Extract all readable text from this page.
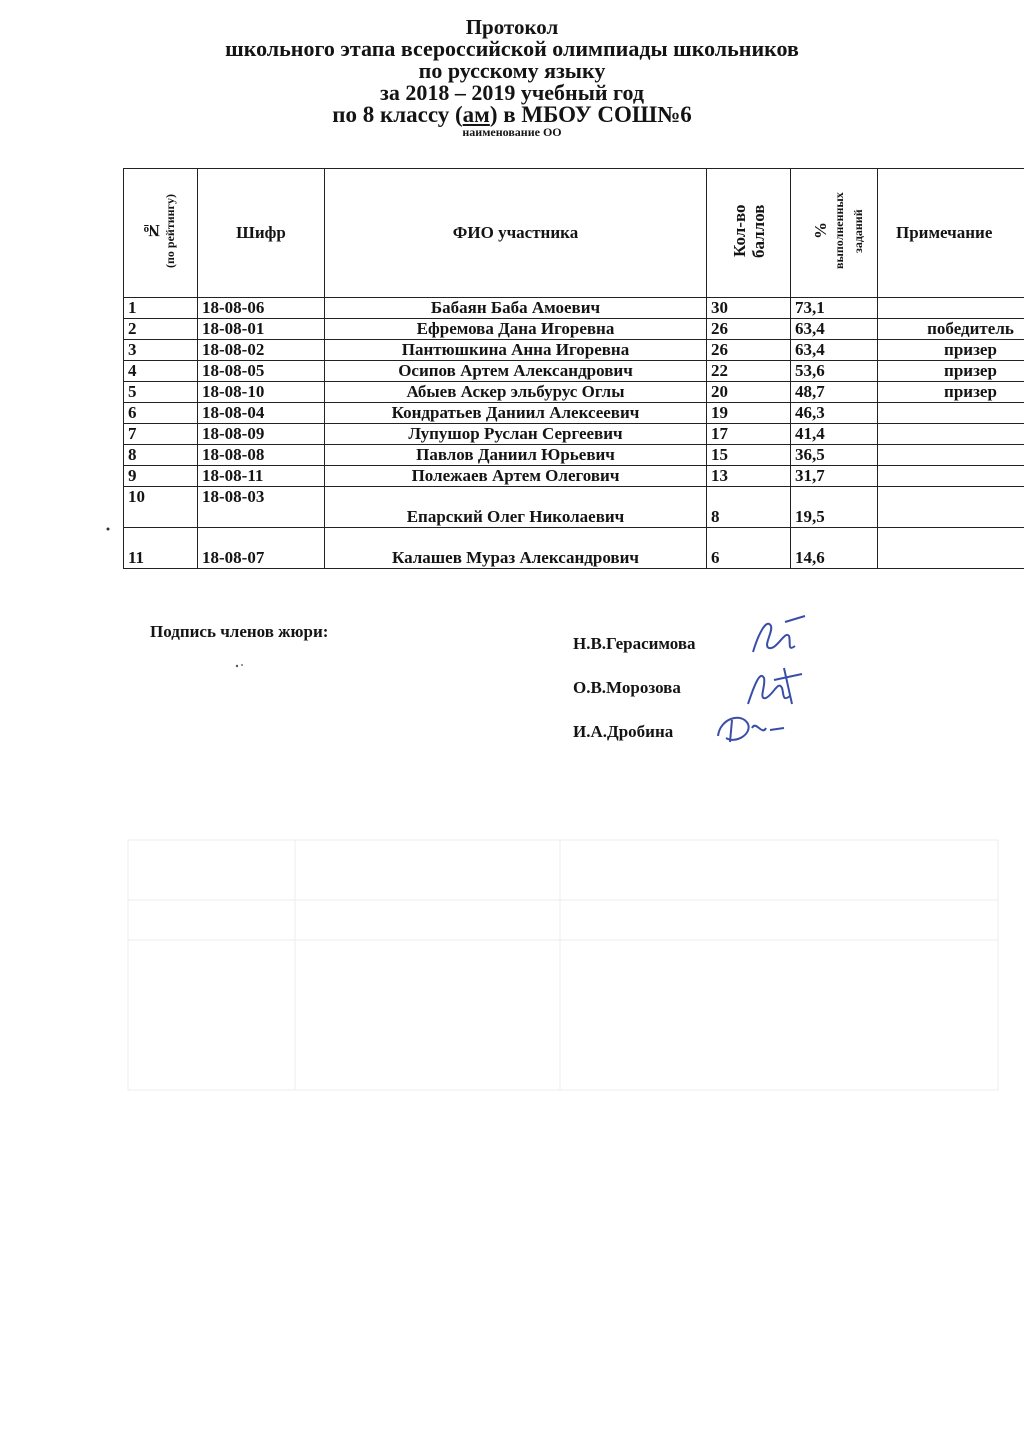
Протокол
школьного этапа всероссийской олимпиады школьников
по русскому языку
за 2018 – 2019 учебный год
по 8 классу (ам) в МБОУ СОШ№6
наименование ОО
№ (по рейтингу)	Шифр	ФИО участника	Кол-во баллов	% выполненных заданий	Примечание
1	18-08-06	Бабаян Баба Амоевич	30	73,1	
2	18-08-01	Ефремова Дана Игоревна	26	63,4	победитель
3	18-08-02	Пантюшкина Анна Игоревна	26	63,4	призер
4	18-08-05	Осипов Артем Александрович	22	53,6	призер
5	18-08-10	Абыев Аскер эльбурус Оглы	20	48,7	призер
6	18-08-04	Кондратьев Даниил Алексеевич	19	46,3	
7	18-08-09	Лупушор Руслан Сергеевич	17	41,4	
8	18-08-08	Павлов Даниил Юрьевич	15	36,5	
9	18-08-11	Полежаев Артем Олегович	13	31,7	
10	18-08-03	Епарский Олег Николаевич	8	19,5	
11	18-08-07	Калашев Мураз Александрович	6	14,6	
Подпись членов жюри:
Н.В.Герасимова
О.В.Морозова
И.А.Дробина
